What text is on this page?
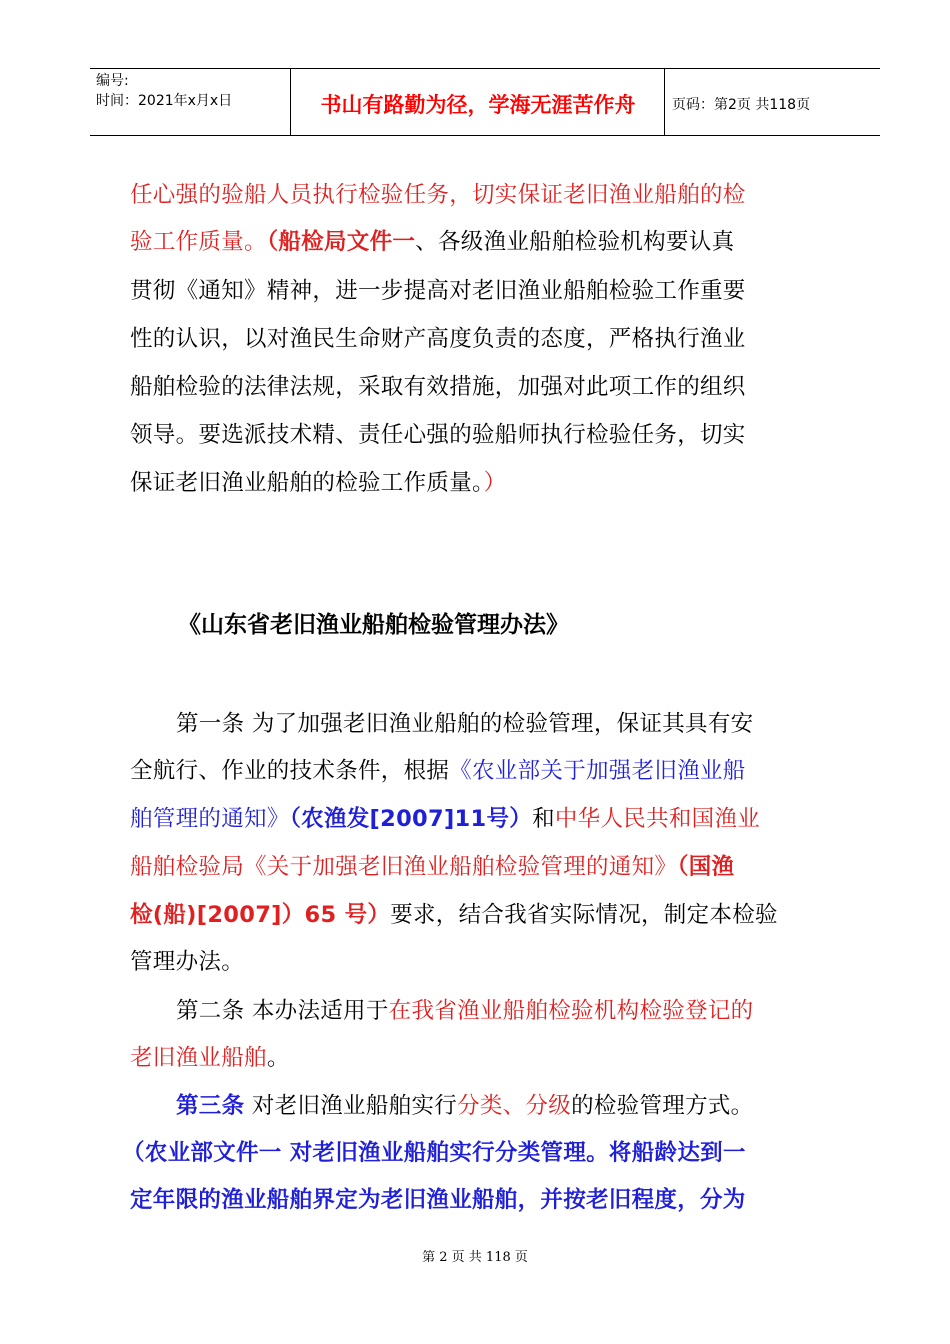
编号:
时间：2021年x月x日	书山有路勤为径，学海无涯苦作舟	页码：第2页 共118页
任心强的验船人员执行检验任务，切实保证老旧渔业船舶的检
验工作质量。（船检局文件一、各级渔业船舶检验机构要认真
贯彻《通知》精神，进一步提高对老旧渔业船舶检验工作重要
性的认识，以对渔民生命财产高度负责的态度，严格执行渔业
船舶检验的法律法规，采取有效措施，加强对此项工作的组织
领导。要选派技术精、责任心强的验船师执行检验任务，切实
保证老旧渔业船舶的检验工作质量。）
《山东省老旧渔业船舶检验管理办法》
第一条 为了加强老旧渔业船舶的检验管理，保证其具有安
全航行、作业的技术条件，根据《农业部关于加强老旧渔业船
舶管理的通知》（农渔发[2007]11号）和中华人民共和国渔业
船舶检验局《关于加强老旧渔业船舶检验管理的通知》（国渔
检(船)[2007]）65 号）要求，结合我省实际情况，制定本检验
管理办法。
第二条 本办法适用于在我省渔业船舶检验机构检验登记的
老旧渔业船舶。
第三条 对老旧渔业船舶实行分类、分级的检验管理方式。
（农业部文件一 对老旧渔业船舶实行分类管理。将船龄达到一
定年限的渔业船舶界定为老旧渔业船舶，并按老旧程度，分为
第 2 页 共 118 页
